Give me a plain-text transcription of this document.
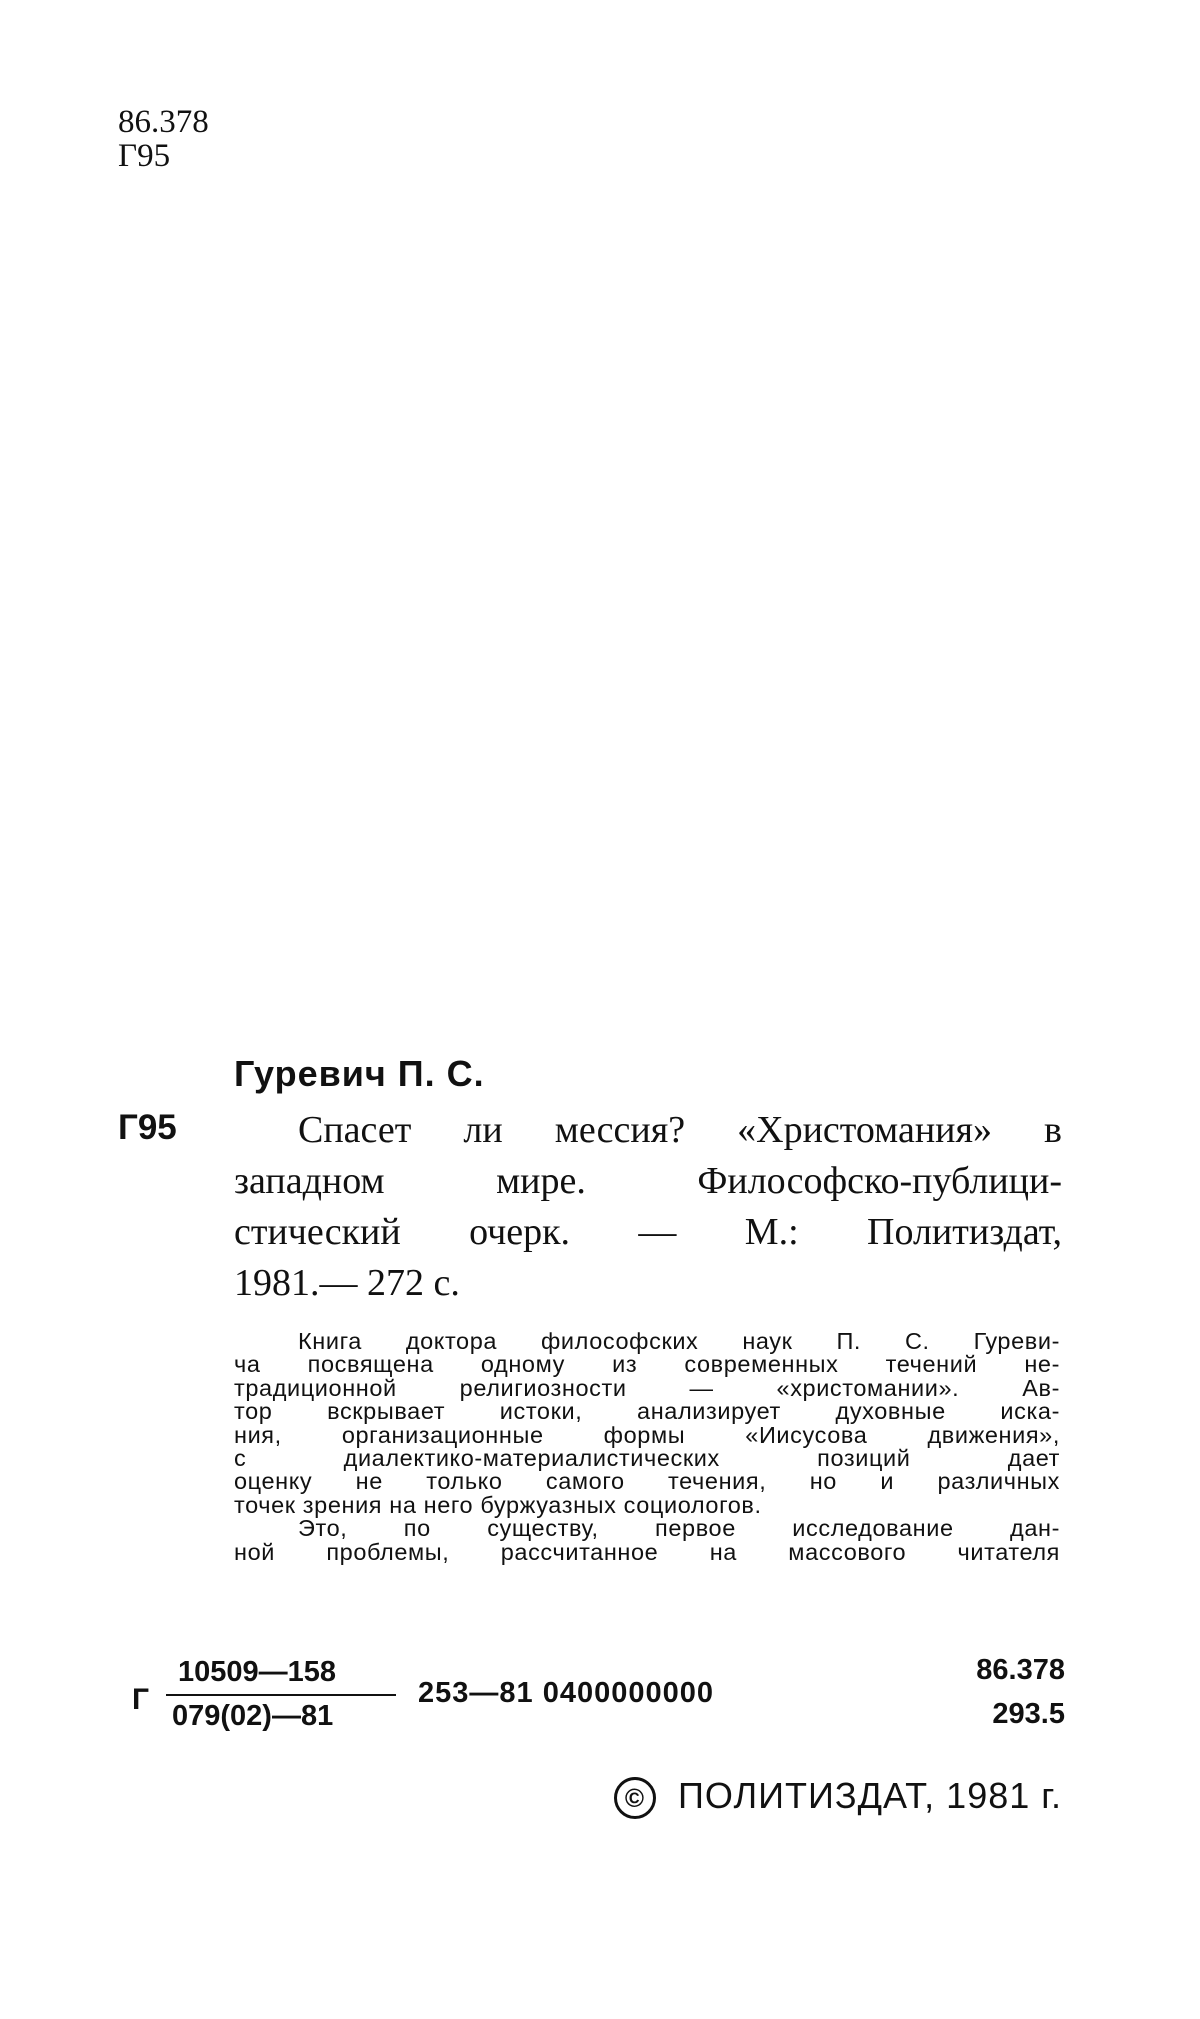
86.378
Г95
Гуревич П. С.
Г95	Спасет ли мессия? «Христомания» в
западном мире. Философско-публици-
стический очерк. — М.: Политиздат,
1981.— 272 с.
Книга доктора философских наук П. С. Гуреви-
ча посвящена одному из современных течений не-
традиционной религиозности — «христомании». Ав-
тор вскрывает истоки, анализирует духовные иска-
ния, организационные формы «Иисусова движения»,
с диалектико-материалистических позиций дает
оценку не только самого течения, но и различных
точек зрения на него буржуазных социологов.
Это, по существу, первое исследование дан-
ной проблемы, рассчитанное на массового читателя
Г
10509—158
079(02)—81
253—81 0400000000
86.378
293.5
© ПОЛИТИЗДАТ, 1981 г.
